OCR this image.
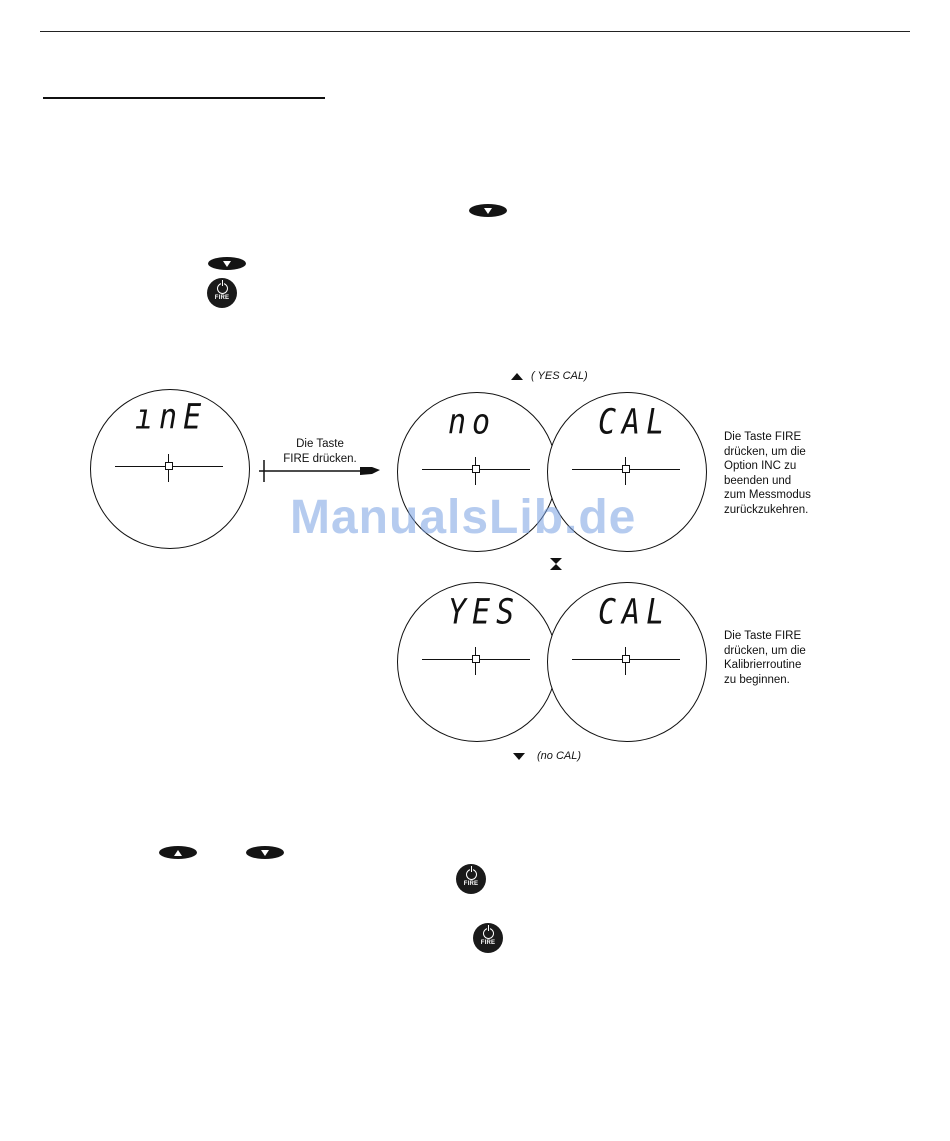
FIRE
( YES CAL)
ınE
Die Taste
FIRE drücken.
no	CAL	Die Taste FIRE
drücken, um die
Option INC zu
beenden und
zum Messmodus
zurückzukehren.
YES	CAL
Die Taste FIRE
drücken, um die
Kalibrierroutine
zu beginnen.
(no CAL)
ManualsLib.de
FIRE
FIRE
